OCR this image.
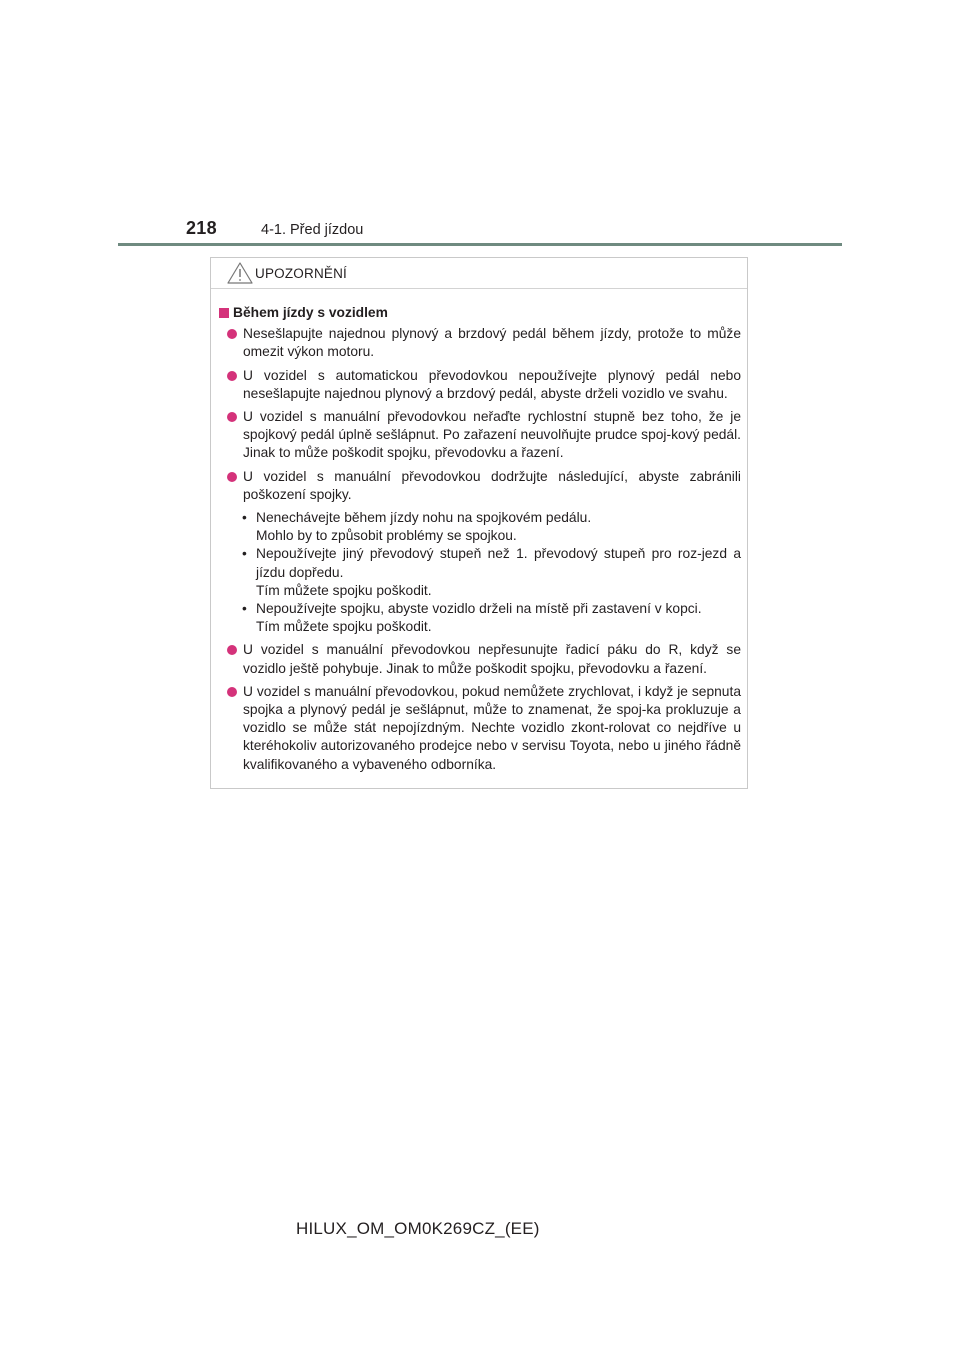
218	4-1. Před jízdou
UPOZORNĚNÍ
Během jízdy s vozidlem
Nesešlapujte najednou plynový a brzdový pedál během jízdy, protože to může omezit výkon motoru.
U vozidel s automatickou převodovkou nepoužívejte plynový pedál nebo nesešlapujte najednou plynový a brzdový pedál, abyste drželi vozidlo ve svahu.
U vozidel s manuální převodovkou neřaďte rychlostní stupně bez toho, že je spojkový pedál úplně sešlápnut. Po zařazení neuvolňujte prudce spoj-kový pedál. Jinak to může poškodit spojku, převodovku a řazení.
U vozidel s manuální převodovkou dodržujte následující, abyste zabránili poškození spojky.
• Nenechávejte během jízdy nohu na spojkovém pedálu.
Mohlo by to způsobit problémy se spojkou.
• Nepoužívejte jiný převodový stupeň než 1. převodový stupeň pro roz-jezd a jízdu dopředu.
Tím můžete spojku poškodit.
• Nepoužívejte spojku, abyste vozidlo drželi na místě při zastavení v kopci.
Tím můžete spojku poškodit.
U vozidel s manuální převodovkou nepřesunujte řadicí páku do R, když se vozidlo ještě pohybuje. Jinak to může poškodit spojku, převodovku a řazení.
U vozidel s manuální převodovkou, pokud nemůžete zrychlovat, i když je sepnuta spojka a plynový pedál je sešlápnut, může to znamenat, že spoj-ka prokluzuje a vozidlo se může stát nepojízdným. Nechte vozidlo zkont-rolovat co nejdříve u kteréhokoliv autorizovaného prodejce nebo v servisu Toyota, nebo u jiného řádně kvalifikovaného a vybaveného odborníka.
HILUX_OM_OM0K269CZ_(EE)
